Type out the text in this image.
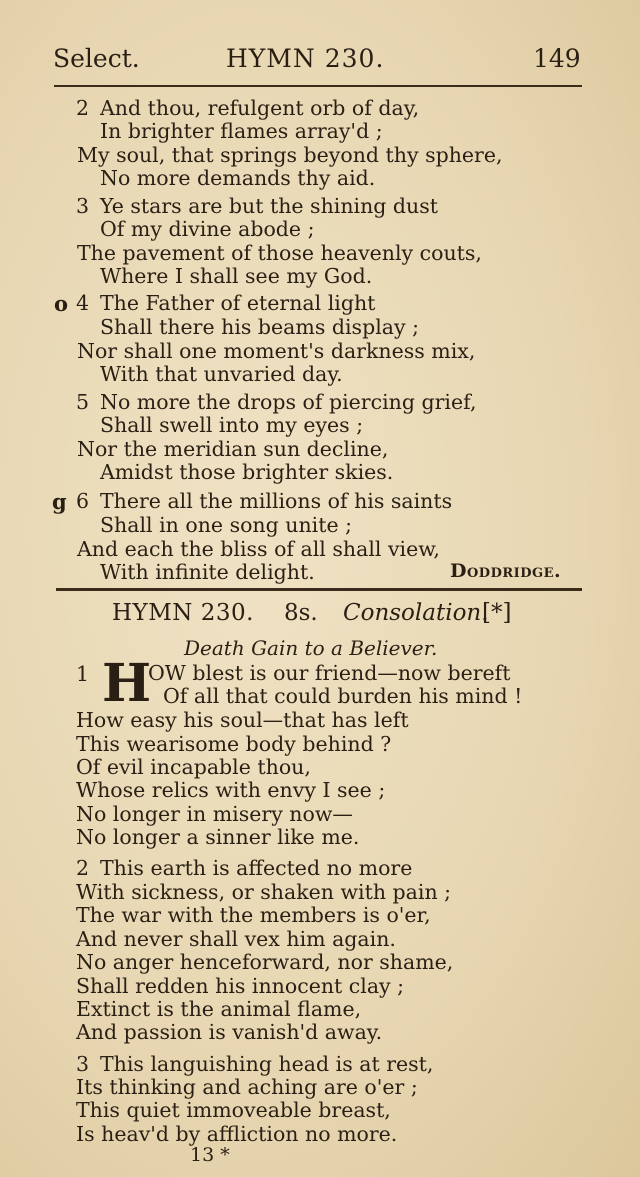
Select.	HYMN 230.	149
2 And thou, refulgent orb of day,
In brighter flames array'd ;
My soul, that springs beyond thy sphere,
No more demands thy aid.
3 Ye stars are but the shining dust
Of my divine abode ;
The pavement of those heavenly couts,
Where I shall see my God.
o 4 The Father of eternal light
Shall there his beams display ;
Nor shall one moment's darkness mix,
With that unvaried day.
5 No more the drops of piercing grief,
Shall swell into my eyes ;
Nor the meridian sun decline,
Amidst those brighter skies.
g 6 There all the millions of his saints
Shall in one song unite ;
And each the bliss of all shall view,
With infinite delight.	Doddridge.
HYMN 230. 8s. Consolation.
[*]
Death Gain to a Believer.
1 H
OW blest is our friend—now bereft
Of all that could burden his mind !
How easy his soul—that has left
This wearisome body behind ?
Of evil incapable thou,
Whose relics with envy I see ;
No longer in misery now—
No longer a sinner like me.
2 This earth is affected no more
With sickness, or shaken with pain ;
The war with the members is o'er,
And never shall vex him again.
No anger henceforward, nor shame,
Shall redden his innocent clay ;
Extinct is the animal flame,
And passion is vanish'd away.
3 This languishing head is at rest,
Its thinking and aching are o'er ;
This quiet immoveable breast,
Is heav'd by affliction no more.
13 *
